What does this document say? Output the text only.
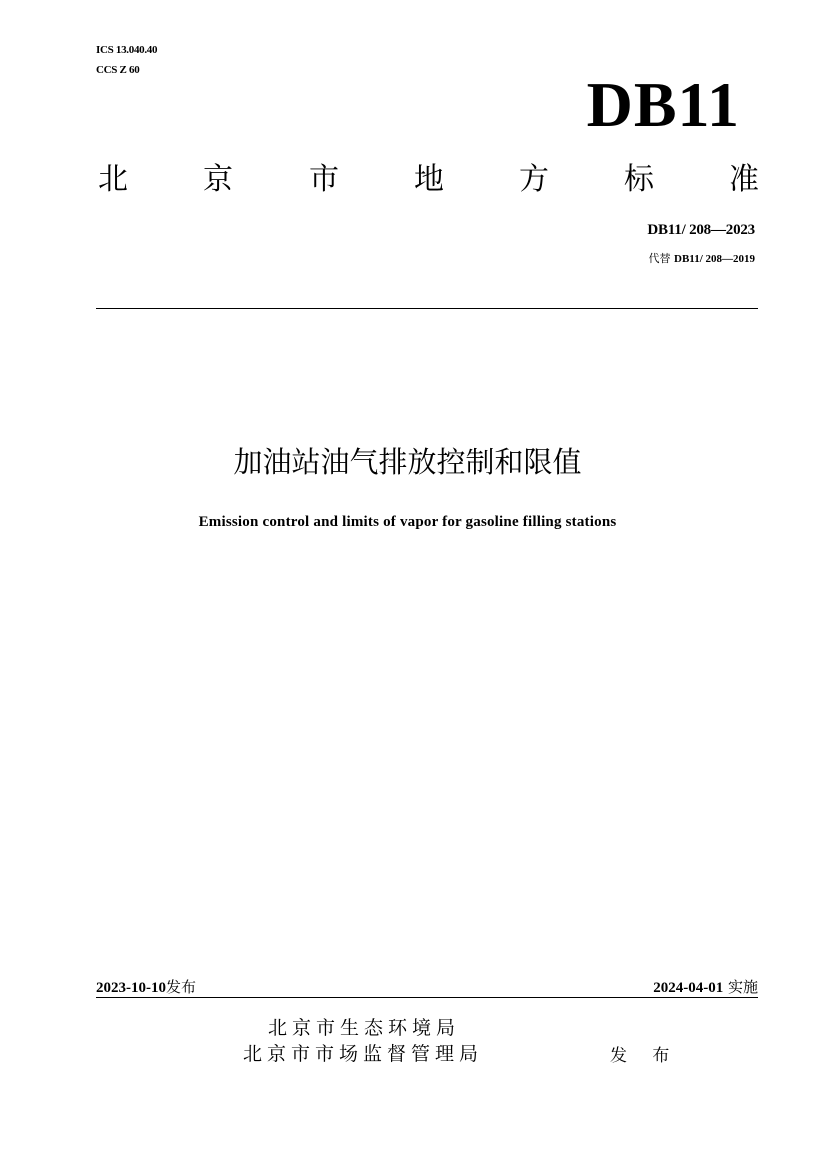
ICS 13.040.40
CCS Z 60	DB11
北	京	市	地	方	标	准
DB11/ 208—2023
代替 DB11/ 208—2019
加油站油气排放控制和限值
Emission control and limits of vapor for gasoline filling stations
2023-10-10发布	2024-04-01 实施
北京市生态环境局
北京市市场监督管理局	发 布
